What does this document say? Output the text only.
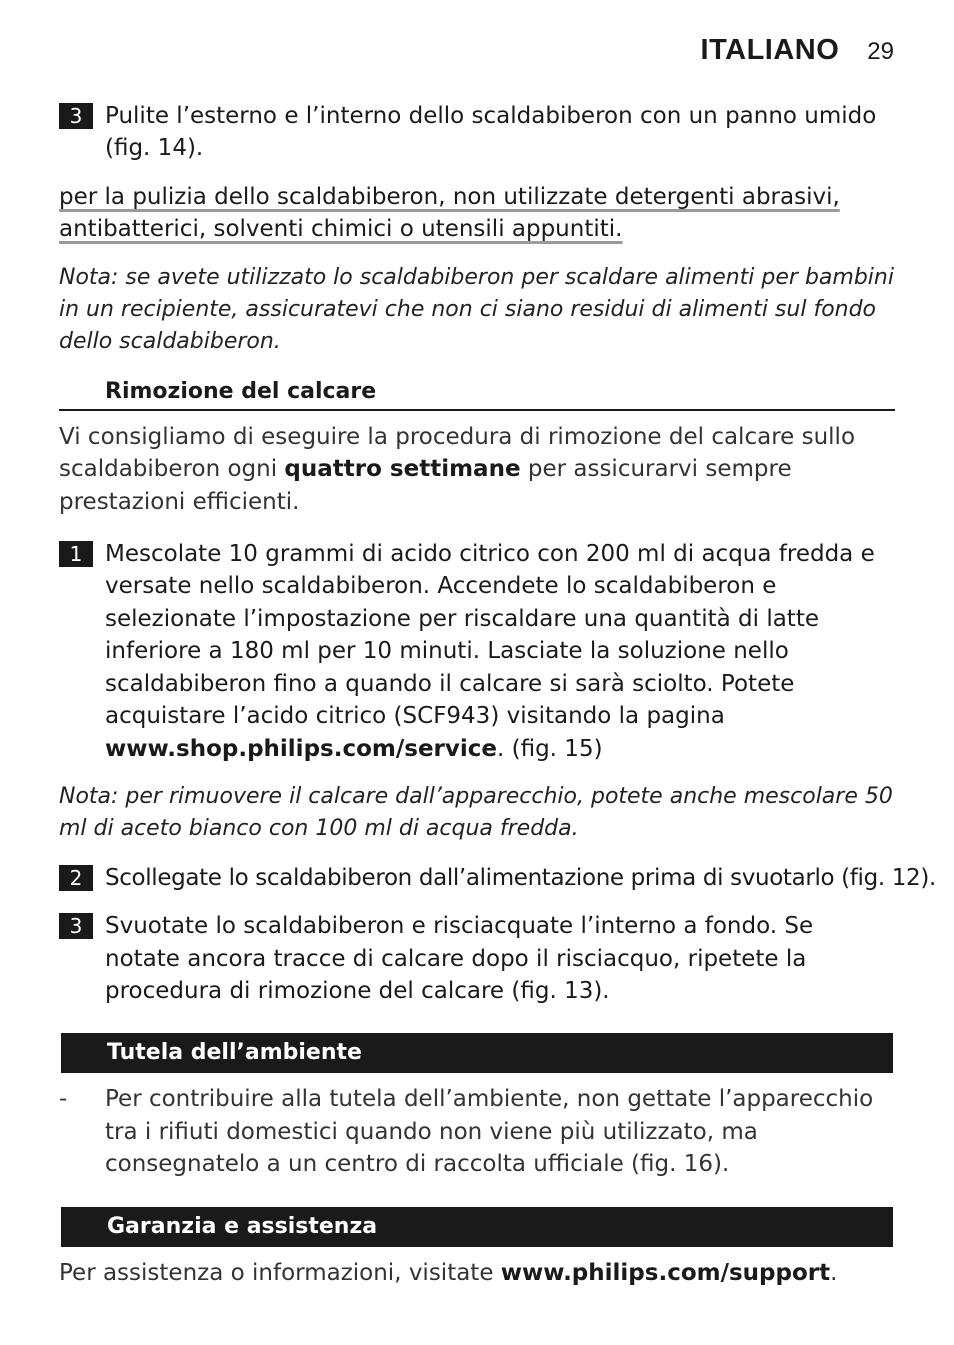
ITALIANO 29
3 Pulite l’esterno e l’interno dello scaldabiberon con un panno umido (fig. 14).
per la pulizia dello scaldabiberon, non utilizzate detergenti abrasivi, antibatterici, solventi chimici o utensili appuntiti.
Nota: se avete utilizzato lo scaldabiberon per scaldare alimenti per bambini in un recipiente, assicuratevi che non ci siano residui di alimenti sul fondo dello scaldabiberon.
Rimozione del calcare
Vi consigliamo di eseguire la procedura di rimozione del calcare sullo scaldabiberon ogni quattro settimane per assicurarvi sempre prestazioni efficienti.
1 Mescolate 10 grammi di acido citrico con 200 ml di acqua fredda e versate nello scaldabiberon. Accendete lo scaldabiberon e selezionate l’impostazione per riscaldare una quantità di latte inferiore a 180 ml per 10 minuti. Lasciate la soluzione nello scaldabiberon fino a quando il calcare si sarà sciolto. Potete acquistare l’acido citrico (SCF943) visitando la pagina www.shop.philips.com/service. (fig. 15)
Nota: per rimuovere il calcare dall’apparecchio, potete anche mescolare 50 ml di aceto bianco con 100 ml di acqua fredda.
2 Scollegate lo scaldabiberon dall’alimentazione prima di svuotarlo (fig. 12).
3 Svuotate lo scaldabiberon e risciacquate l’interno a fondo. Se notate ancora tracce di calcare dopo il risciacquo, ripetete la procedura di rimozione del calcare (fig. 13).
Tutela dell’ambiente
-	Per contribuire alla tutela dell’ambiente, non gettate l’apparecchio tra i rifiuti domestici quando non viene più utilizzato, ma consegnatelo a un centro di raccolta ufficiale (fig. 16).
Garanzia e assistenza
Per assistenza o informazioni, visitate www.philips.com/support.
